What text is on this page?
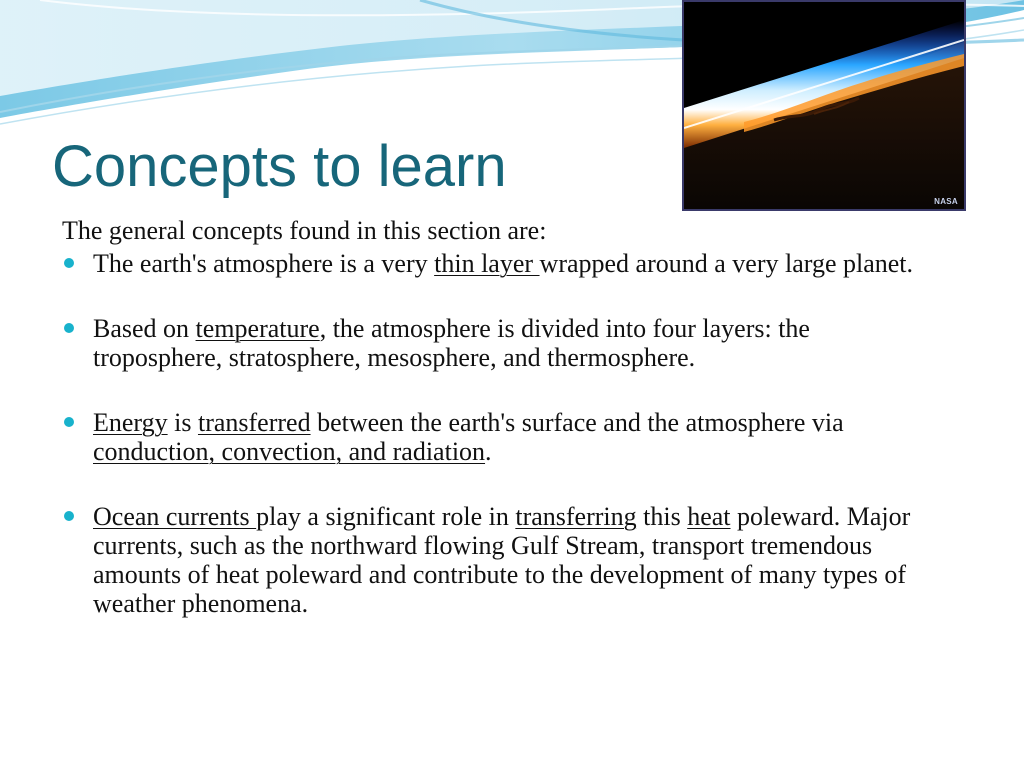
Concepts to learn
NASA

The general concepts found in this section are:

The earth's atmosphere is a very thin layer wrapped around a very large planet.
Based on temperature, the atmosphere is divided into four layers: the troposphere, stratosphere, mesosphere, and thermosphere.
Energy is transferred between the earth's surface and the atmosphere via conduction, convection, and radiation.
Ocean currents play a significant role in transferring this heat poleward. Major currents, such as the northward flowing Gulf Stream, transport tremendous amounts of heat poleward and contribute to the development of many types of weather phenomena.
